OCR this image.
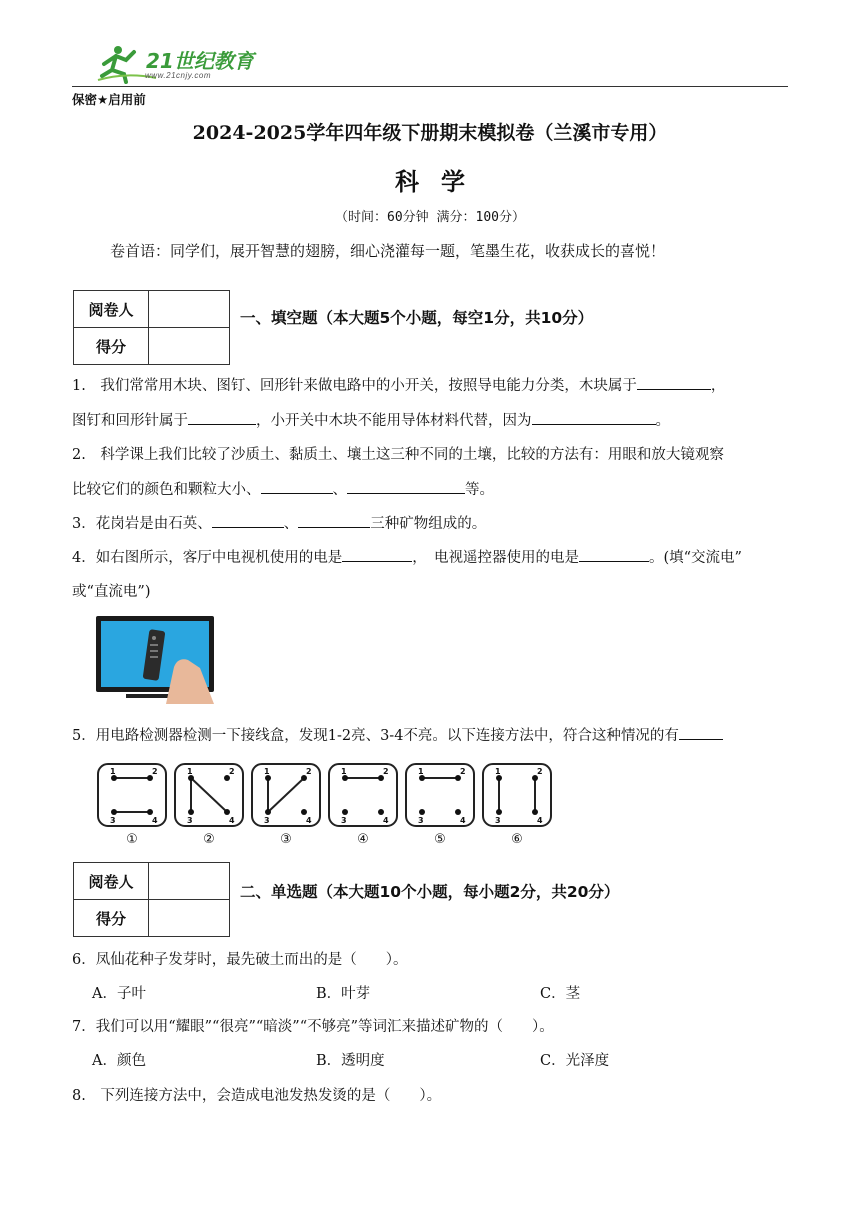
21世纪教育
www.21cnjy.com
保密★启用前
2024-2025学年四年级下册期末模拟卷（兰溪市专用）
科学
（时间：60分钟 满分：100分）
卷首语：同学们，展开智慧的翅膀，细心浇灌每一题，笔墨生花，收获成长的喜悦！
阅卷人	
得分	
一、填空题（本大题5个小题，每空1分，共10分）
1.　我们常常用木块、图钉、回形针来做电路中的小开关，按照导电能力分类，木块属于	，
图钉和回形针属于	，小开关中木块不能用导体材料代替，因为	。
2.　科学课上我们比较了沙质土、黏质土、壤土这三种不同的土壤，比较的方法有：用眼和放大镜观察
比较它们的颜色和颗粒大小、	、	等。
3．花岗岩是由石英、	、	三种矿物组成的。
4．如右图所示，客厅中电视机使用的电是	，　电视遥控器使用的电是	。(填“交流电”
或“直流电”)
5．用电路检测器检测一下接线盒，发现1-2亮、3-4不亮。以下连接方法中，符合这种情况的有
1	2
3	4
①
1	2
3	4
②
1	2
3	4
③
1	2
3	4
④
1	2
3	4
⑤
1	2
3	4
⑥
阅卷人	
得分	
二、单选题（本大题10个小题，每小题2分，共20分）
6．凤仙花种子发芽时，最先破土而出的是（　　）。
A．子叶	B．叶芽	C．茎
7．我们可以用“耀眼”“很亮”“暗淡”“不够亮”等词汇来描述矿物的（　　）。
A．颜色	B．透明度	C．光泽度
8.　下列连接方法中，会造成电池发热发烫的是（　　）。
